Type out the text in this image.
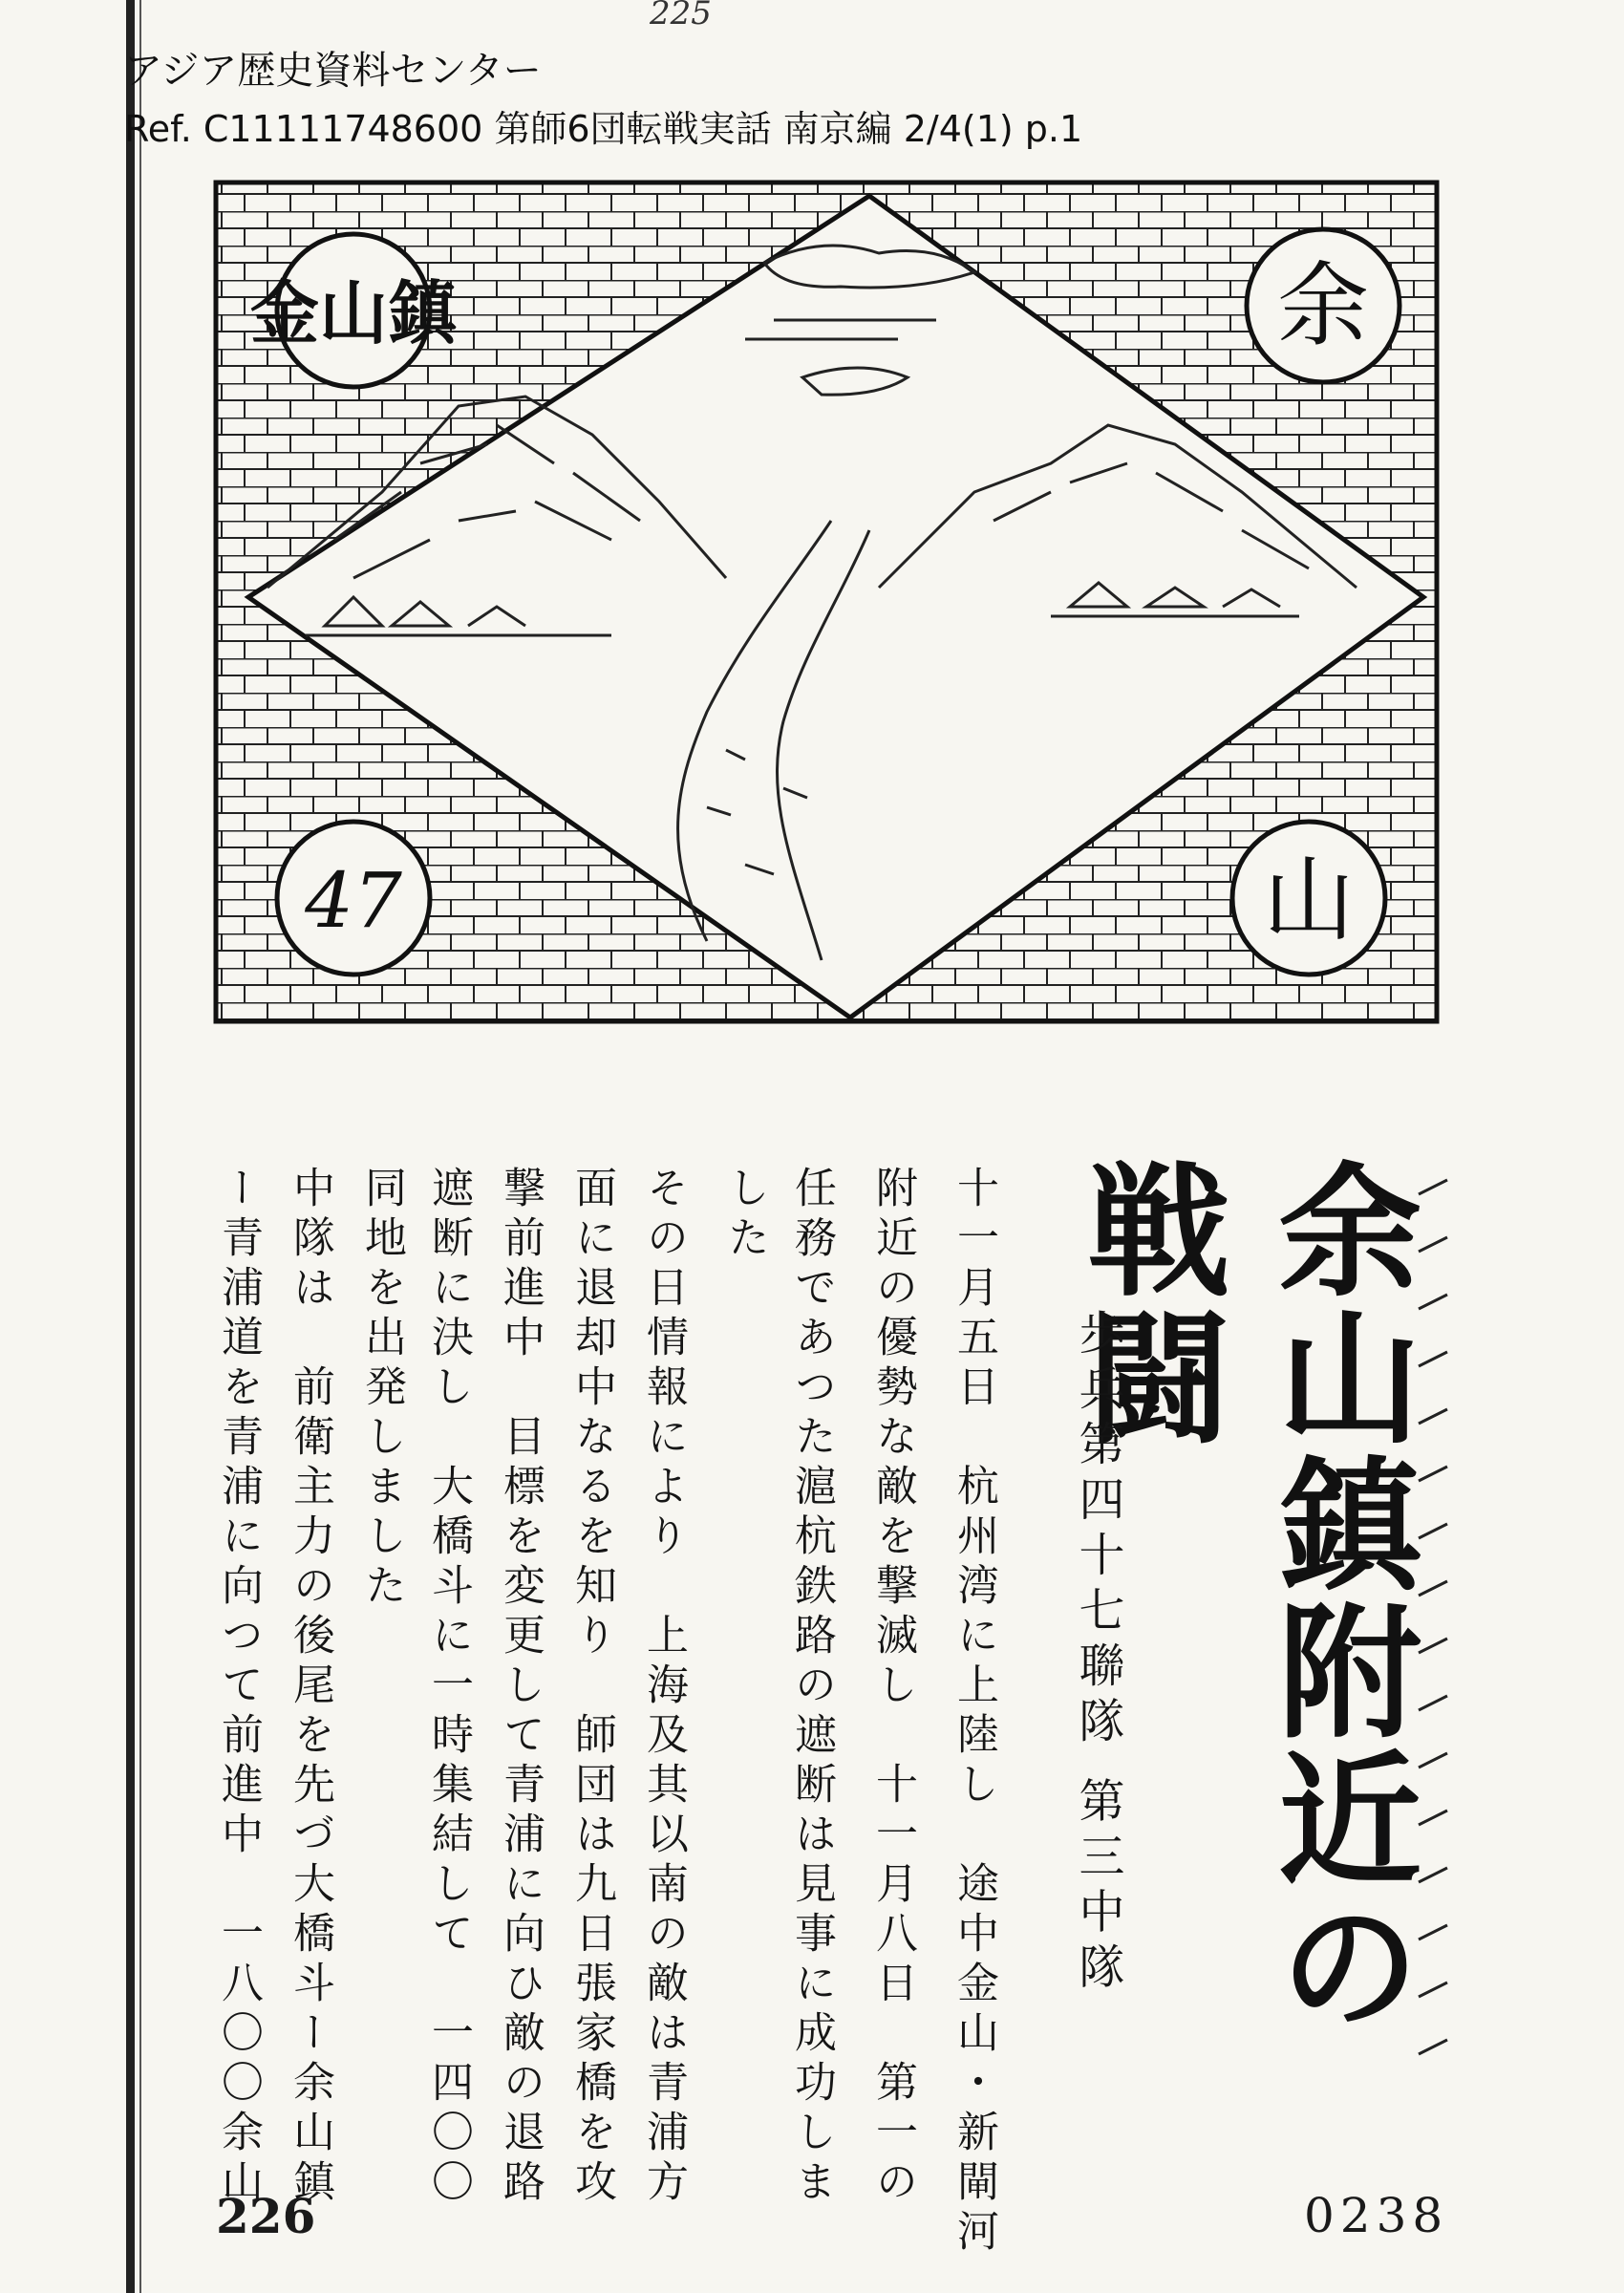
225
アジア歴史資料センター
Ref. C11111748600 第師6団転戦実話 南京編 2/4(1) p.1
金山鎮	余
47	山
余山鎮附近の戦闘
歩兵第四十七聯隊 第三中隊
十一月五日　杭州湾に上陸し　途中金山・新閘河
附近の優勢な敵を撃滅し　十一月八日　第一の
任務であつた滬杭鉄路の遮断は見事に成功しま
した
その日情報により　上海及其以南の敵は青浦方
面に退却中なるを知り　師団は九日張家橋を攻
撃前進中　目標を変更して青浦に向ひ敵の退路
遮断に決し　大橋斗に一時集結して　一四〇〇
同地を出発しました
中隊は　前衛主力の後尾を先づ大橋斗ー余山鎮
ー青浦道を青浦に向つて前進中　一八〇〇余山
226	0238
